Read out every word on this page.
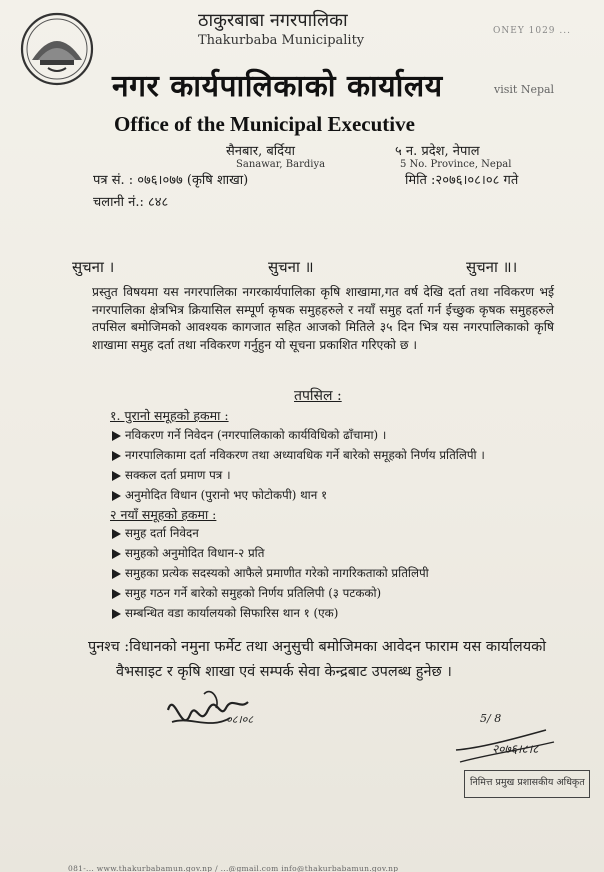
ठाकुरबाबा नगरपालिका
Thakurbaba Municipality
नगर कार्यपालिकाको कार्यालय
Office of the Municipal Executive
सैनबार, बर्दिया	५ न. प्रदेश, नेपाल
Sanawar, Bardiya	5 No. Province, Nepal
ONEY 1029 ...
visit Nepal
पत्र सं. : ०७६।०७७ (कृषि शाखा)	मिति :२०७६।०८।०८ गते
चलानी नं.: ८४८
सुचना ।	सुचना ॥	सुचना ॥।
प्रस्तुत विषयमा यस नगरपालिका नगरकार्यपालिका कृषि शाखामा,गत वर्ष देखि दर्ता तथा नविकरण भई नगरपालिका क्षेत्रभित्र क्रियासिल सम्पूर्ण कृषक समुहहरुले र नयाँ समुह दर्ता गर्न ईच्छुक कृषक समुहहरुले तपसिल बमोजिमको आवश्यक कागजात सहित आजको मितिले ३५ दिन भित्र यस नगरपालिकाको कृषि शाखामा समुह दर्ता तथा नविकरण गर्नुहुन यो सूचना प्रकाशित गरिएको छ ।
तपसिल :
१. पुरानो समूहको हकमा :
नविकरण गर्ने निवेदन (नगरपालिकाको कार्यविधिको ढाँचामा) ।
नगरपालिकामा दर्ता नविकरण तथा अध्यावधिक गर्ने बारेको समूहको निर्णय प्रतिलिपी ।
सक्कल दर्ता प्रमाण पत्र ।
अनुमोदित विधान (पुरानो भए फोटोकपी) थान १
२ नयाँ समूहको हकमा :
समुह दर्ता निवेदन
समुहको अनुमोदित विधान-२ प्रति
समुहका प्रत्येक सदस्यको आफैले प्रमाणीत गरेको नागरिकताको प्रतिलिपी
समुह गठन गर्ने बारेको समुहको निर्णय प्रतिलिपी (३ पटकको)
सम्बन्धित वडा कार्यालयको सिफारिस थान १ (एक)
पुनश्च :विधानको नमुना फर्मेट तथा अनुसुची बमोजिमका आवेदन फाराम यस कार्यालयको
वैभसाइट र कृषि शाखा एवं सम्पर्क सेवा केन्द्रबाट उपलब्ध हुनेछ ।
०८।०८	5/ 8
२०७६।८।८
निमित्त प्रमुख प्रशासकीय अधिकृत
081-... www.thakurbabamun.gov.np / ...@gmail.com info@thakurbabamun.gov.np
